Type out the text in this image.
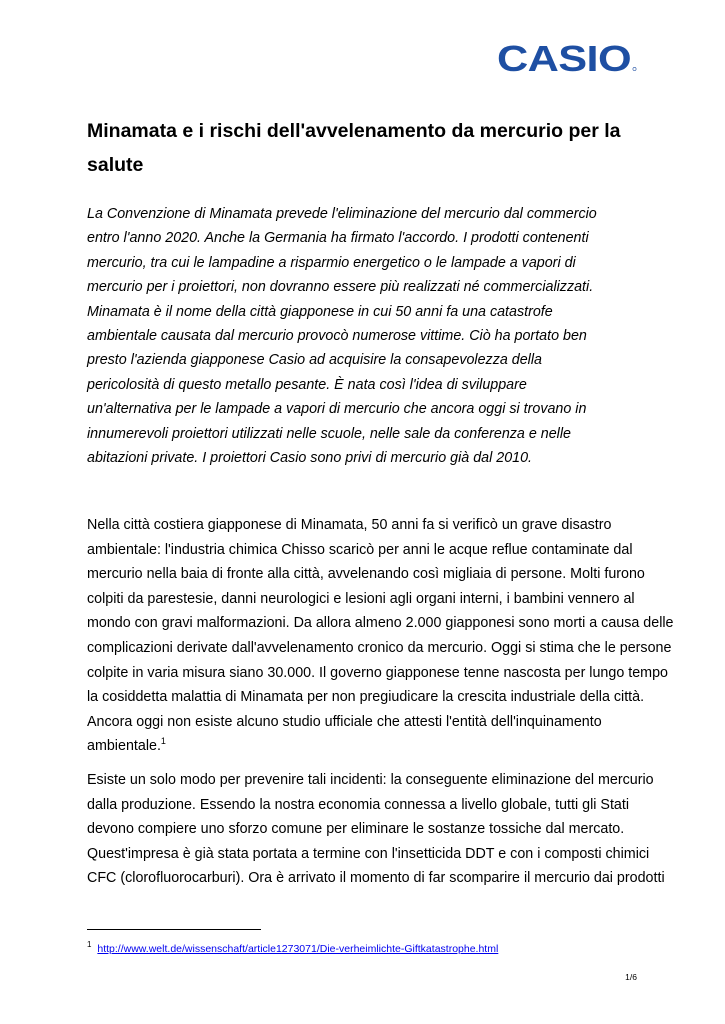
CASIO
Minamata e i rischi dell'avvelenamento da mercurio per la salute
La Convenzione di Minamata prevede l'eliminazione del mercurio dal commercio
entro l'anno 2020. Anche la Germania ha firmato l'accordo. I prodotti contenenti
mercurio, tra cui le lampadine a risparmio energetico o le lampade a vapori di
mercurio per i proiettori, non dovranno essere più realizzati né commercializzati.
Minamata è il nome della città giapponese in cui 50 anni fa una catastrofe
ambientale causata dal mercurio provocò numerose vittime. Ciò ha portato ben
presto l'azienda giapponese Casio ad acquisire la consapevolezza della
pericolosità di questo metallo pesante. È nata così l'idea di sviluppare
un'alternativa per le lampade a vapori di mercurio che ancora oggi si trovano in
innumerevoli proiettori utilizzati nelle scuole, nelle sale da conferenza e nelle
abitazioni private. I proiettori Casio sono privi di mercurio già dal 2010.
Nella città costiera giapponese di Minamata, 50 anni fa si verificò un grave disastro
ambientale: l'industria chimica Chisso scaricò per anni le acque reflue contaminate dal
mercurio nella baia di fronte alla città, avvelenando così migliaia di persone. Molti furono
colpiti da parestesie, danni neurologici e lesioni agli organi interni, i bambini vennero al
mondo con gravi malformazioni. Da allora almeno 2.000 giapponesi sono morti a causa delle
complicazioni derivate dall'avvelenamento cronico da mercurio. Oggi si stima che le persone
colpite in varia misura siano 30.000. Il governo giapponese tenne nascosta per lungo tempo
la cosiddetta malattia di Minamata per non pregiudicare la crescita industriale della città.
Ancora oggi non esiste alcuno studio ufficiale che attesti l'entità dell'inquinamento
ambientale.$^1$
Esiste un solo modo per prevenire tali incidenti: la conseguente eliminazione del mercurio
dalla produzione. Essendo la nostra economia connessa a livello globale, tutti gli Stati
devono compiere uno sforzo comune per eliminare le sostanze tossiche dal mercato.
Quest'impresa è già stata portata a termine con l'insetticida DDT e con i composti chimici
CFC (clorofluorocarburi). Ora è arrivato il momento di far scomparire il mercurio dai prodotti
$^1$ http://www.welt.de/wissenschaft/article1273071/Die-verheimlichte-Giftkatastrophe.html
1/6
